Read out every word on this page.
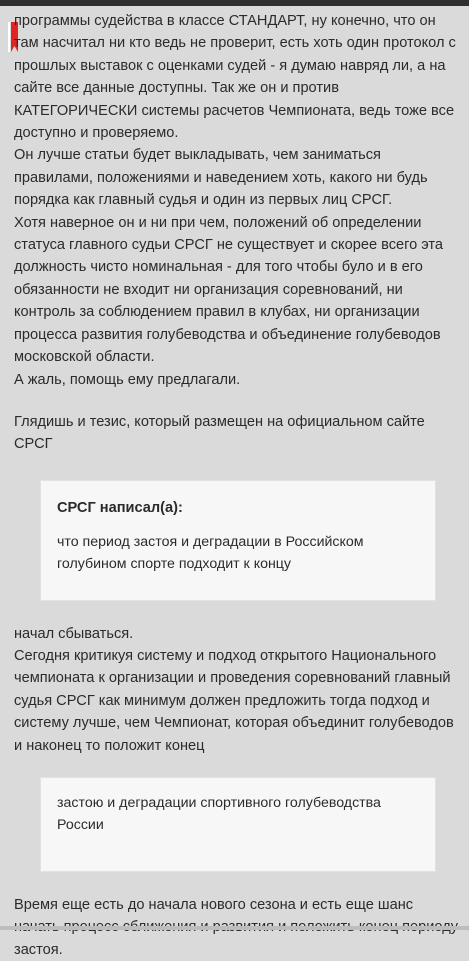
программы судейства в классе СТАНДАРТ, ну конечно, что он там насчитал ни кто ведь не проверит, есть хоть один протокол с прошлых выставок с оценками судей - я думаю навряд ли, а на сайте все данные доступны. Так же он и против КАТЕГОРИЧЕСКИ системы расчетов Чемпионата, ведь тоже все доступно и проверяемо.

Он лучше статьи будет выкладывать, чем заниматься правилами, положениями и наведением хоть, какого ни будь порядка как главный судья и один из первых лиц СРСГ.

Хотя наверное он и ни при чем, положений об определении статуса главного судьи СРСГ не существует и скорее всего эта должность чисто номинальная - для того чтобы було и в его обязанности не входит ни организация соревнований, ни контроль за соблюдением правил в клубах, ни организации процесса развития голубеводства и объединение голубеводов московской области.

А жаль, помощь ему предлагали.

Глядишь и тезис, который размещен на официальном сайте СРСГ

СРСГ написал(а):
что период застоя и деградации в Российском голубином спорте подходит к концу

начал сбываться.

Сегодня критикуя систему и подход открытого Национального чемпионата к организации и проведения соревнований главный судья СРСГ как минимум должен предложить тогда подход и систему лучше, чем Чемпионат, которая объединит голубеводов и наконец то положит конец

застою и деградации спортивного голубеводства России

Время еще есть до начала нового сезона и есть еще шанс застоя.
